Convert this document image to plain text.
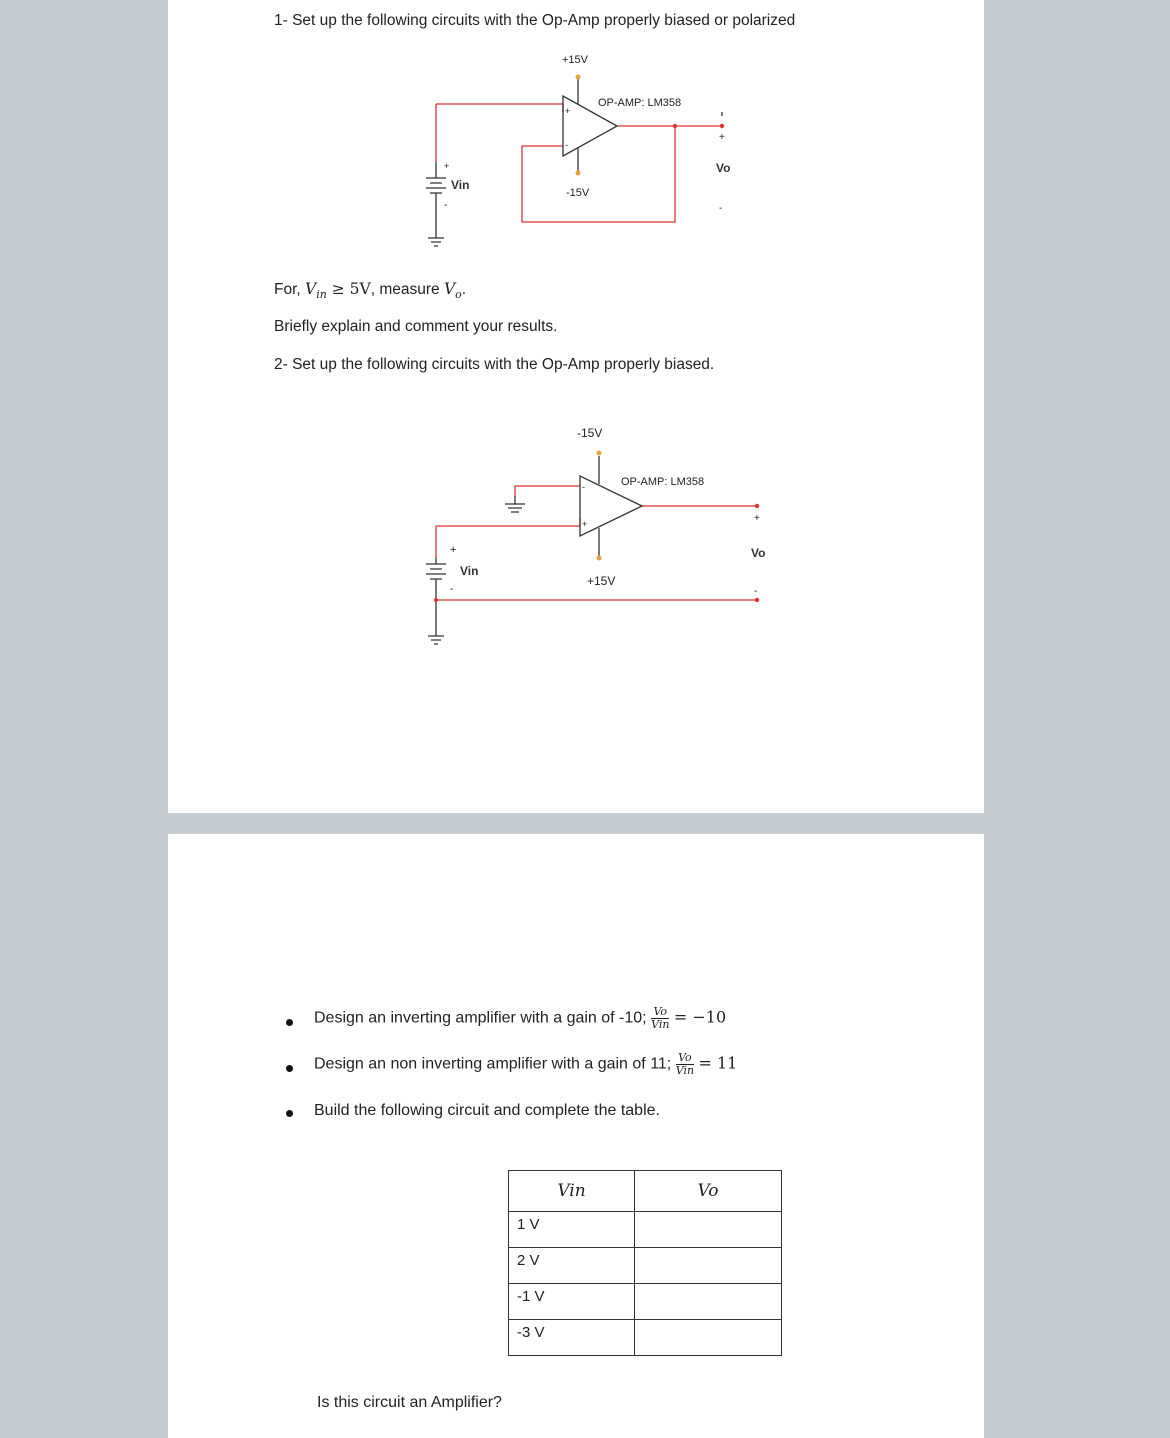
1- Set up the following circuits with the Op-Amp properly biased or polarized
+15V
OP-AMP: LM358
+
-
-15V
+
Vin
-
+
Vo
-
For, $V_{in} \ge 5V$, measure $V_o$.
Briefly explain and comment your results.
2- Set up the following circuits with the Op-Amp properly biased.
-15V
OP-AMP: LM358
-
+
+15V
+
Vin
-
+
Vo
-
Design an inverting amplifier with a gain of -10; $\frac{Vo}{\text{Vin}} = -10$
Design an non inverting amplifier with a gain of 11; $\frac{Vo}{\text{Vin}} = 11$
Build the following circuit and complete the table.
Vin	Vo
1 V	
2 V	
-1 V	
-3 V	
Is this circuit an Amplifier?
